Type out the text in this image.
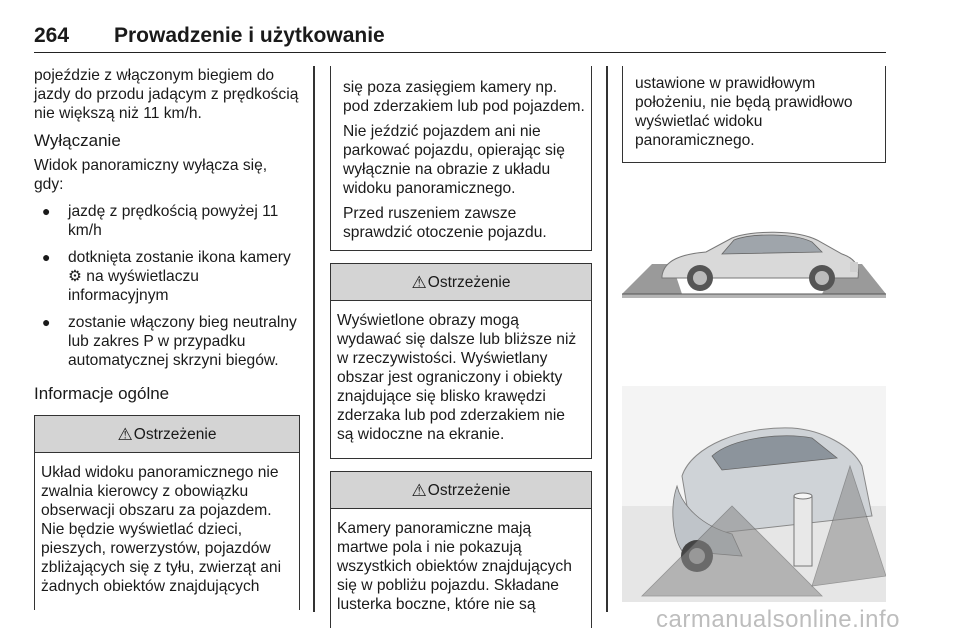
264 Prowadzenie i użytkowanie

pojeździe z włączonym biegiem do jazdy do przodu jadącym z prędkością nie większą niż 11 km/h.

Wyłączanie

Widok panoramiczny wyłącza się, gdy:

● jazdę z prędkością powyżej 11 km/h
● dotknięta zostanie ikona kamery ⚙ na wyświetlaczu informacyjnym
● zostanie włączony bieg neutralny lub zakres P w przypadku automatycznej skrzyni biegów.
Informacje ogólne
⚠ Ostrzeżenie

Układ widoku panoramicznego nie zwalnia kierowcy z obowiązku obserwacji obszaru za pojazdem. Nie będzie wyświetlać dzieci, pieszych, rowerzystów, pojazdów zbliżających się z tyłu, zwierząt ani żadnych obiektów znajdujących

się poza zasięgiem kamery np. pod zderzakiem lub pod pojazdem.

Nie jeździć pojazdem ani nie parkować pojazdu, opierając się wyłącznie na obrazie z układu widoku panoramicznego.

Przed ruszeniem zawsze sprawdzić otoczenie pojazdu.

⚠ Ostrzeżenie

Wyświetlone obrazy mogą wydawać się dalsze lub bliższe niż w rzeczywistości. Wyświetlany obszar jest ograniczony i obiekty znajdujące się blisko krawędzi zderzaka lub pod zderzakiem nie są widoczne na ekranie.

⚠ Ostrzeżenie

Kamery panoramiczne mają martwe pola i nie pokazują wszystkich obiektów znajdujących się w pobliżu pojazdu. Składane lusterka boczne, które nie są

ustawione w prawidłowym położeniu, nie będą prawidłowo wyświetlać widoku panoramicznego.

carmanualsonline.info
